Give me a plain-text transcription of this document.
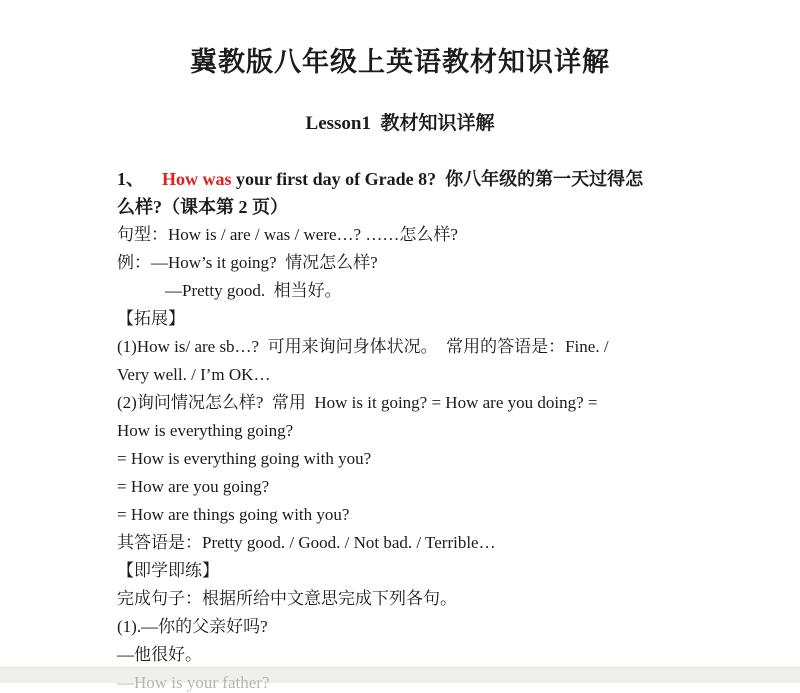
冀教版八年级上英语教材知识详解
Lesson1  教材知识详解
1、    How was your first day of Grade 8?  你八年级的第一天过得怎
么样?（课本第 2 页）
句型：How is / are / was / were…? ……怎么样?
例：—How’s it going?  情况怎么样?
—Pretty good.  相当好。
【拓展】
(1)How is/ are sb…?  可用来询问身体状况。  常用的答语是：Fine. /
Very well. / I’m OK…
(2)询问情况怎么样?  常用  How is it going? = How are you doing? =
How is everything going?
= How is everything going with you?
= How are you going?
= How are things going with you?
其答语是：Pretty good. / Good. / Not bad. / Terrible…
【即学即练】
完成句子：根据所给中文意思完成下列各句。
(1).—你的父亲好吗?
—他很好。
—How is your father?
